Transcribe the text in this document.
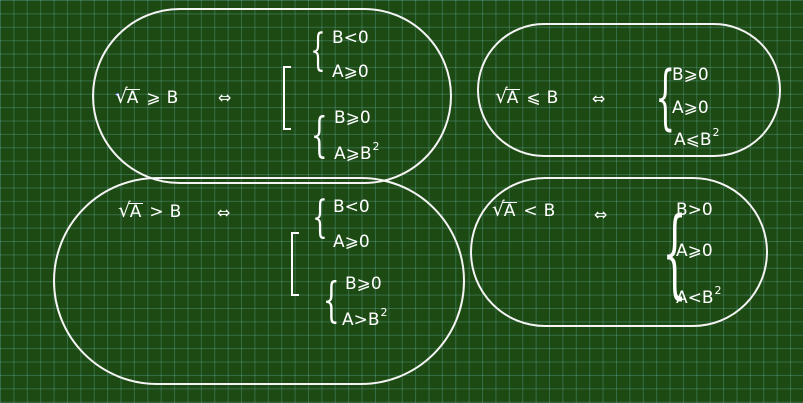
√A ⩾ B ⇔
{ B<0
A⩾0
{ B⩾0
$A⩾B^2$
√A > B ⇔ { B<0
A⩾0
{ B⩾0
$A>B^2$
√A ⩽ B ⇔ {
B⩾0
A⩾0
$A⩽B^2$
√A < B ⇔ {
B>0
A⩾0
$A<B^2$
